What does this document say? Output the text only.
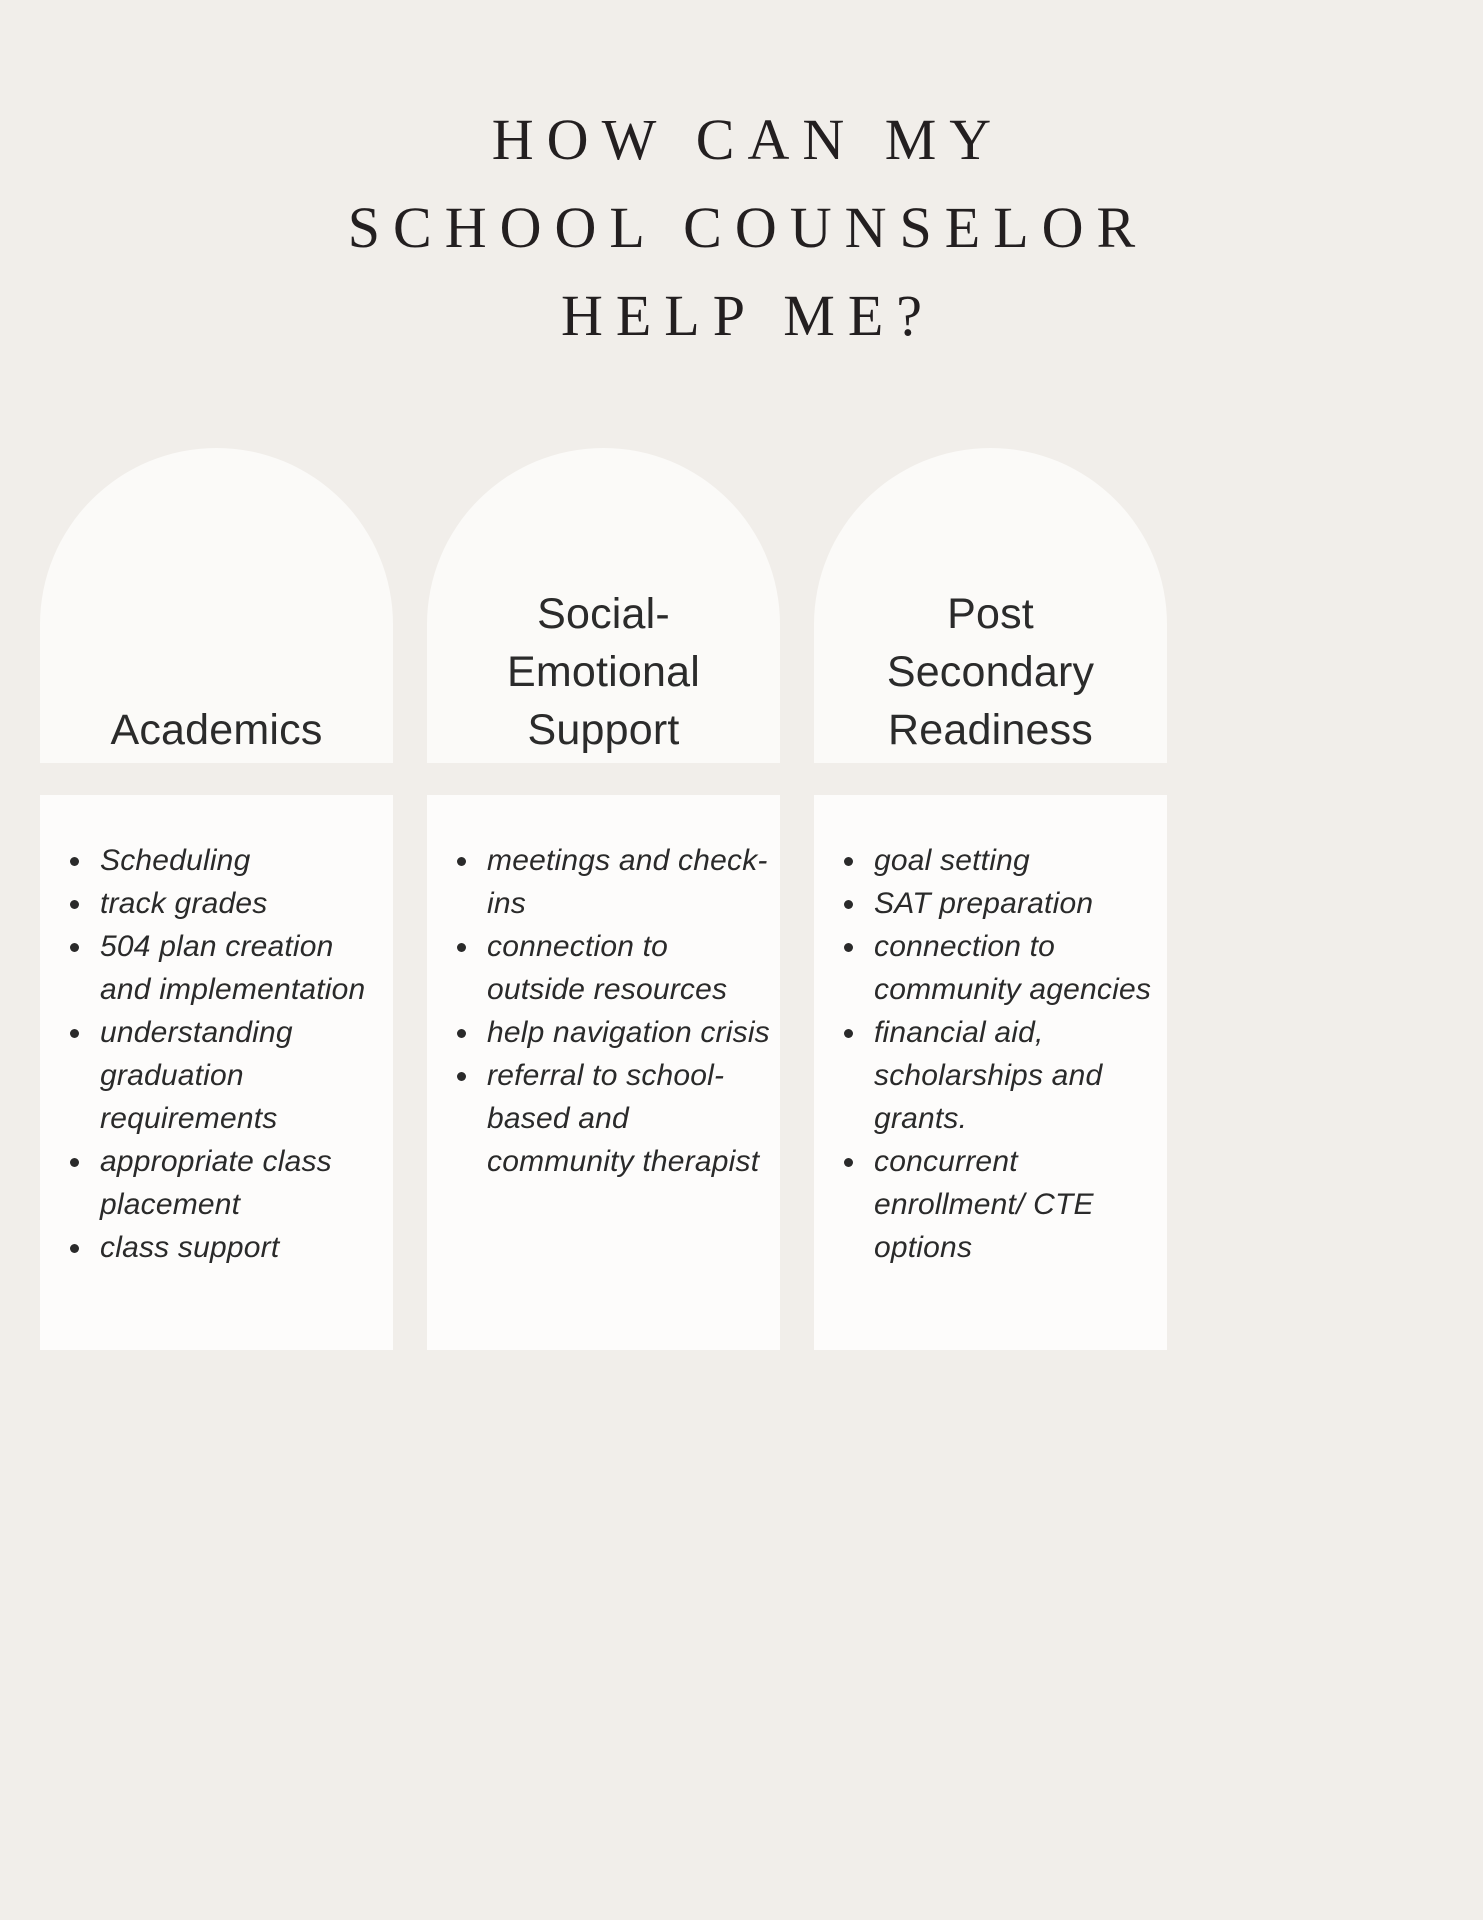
HOW CAN MY
SCHOOL COUNSELOR
HELP ME?
Academics
Scheduling
track grades
504 plan creation and implementation
understanding graduation requirements
appropriate class placement
class support
Social-Emotional Support
meetings and check-ins
connection to outside resources
help navigation crisis
referral to school- based and community therapist
Post Secondary Readiness
goal setting
SAT preparation
connection to community agencies
financial aid, scholarships and grants.
concurrent enrollment/ CTE options
